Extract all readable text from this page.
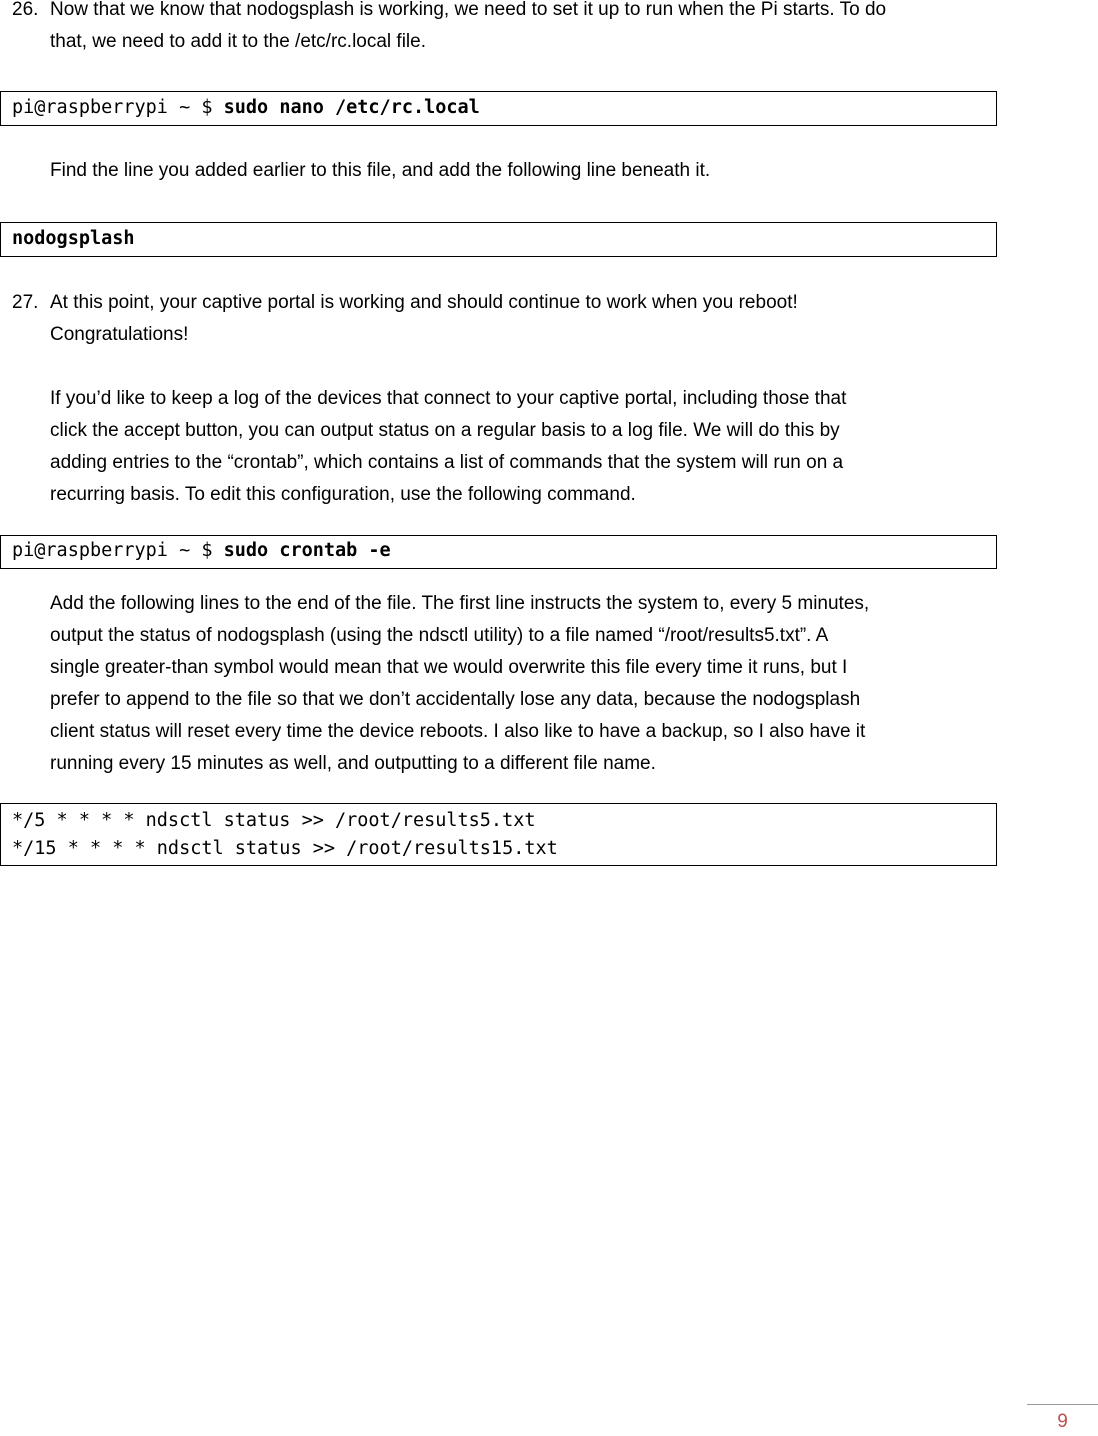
26. Now that we know that nodogsplash is working, we need to set it up to run when the Pi starts. To do
that, we need to add it to the /etc/rc.local file.
pi@raspberrypi ~ $ sudo nano /etc/rc.local
Find the line you added earlier to this file, and add the following line beneath it.
nodogsplash
27. At this point, your captive portal is working and should continue to work when you reboot!
Congratulations!
If you’d like to keep a log of the devices that connect to your captive portal, including those that
click the accept button, you can output status on a regular basis to a log file. We will do this by
adding entries to the “crontab”, which contains a list of commands that the system will run on a
recurring basis. To edit this configuration, use the following command.
pi@raspberrypi ~ $ sudo crontab -e
Add the following lines to the end of the file. The first line instructs the system to, every 5 minutes,
output the status of nodogsplash (using the ndsctl utility) to a file named “/root/results5.txt”. A
single greater-than symbol would mean that we would overwrite this file every time it runs, but I
prefer to append to the file so that we don’t accidentally lose any data, because the nodogsplash
client status will reset every time the device reboots. I also like to have a backup, so I also have it
running every 15 minutes as well, and outputting to a different file name.
*/5 * * * * ndsctl status >> /root/results5.txt
*/15 * * * * ndsctl status >> /root/results15.txt
9
